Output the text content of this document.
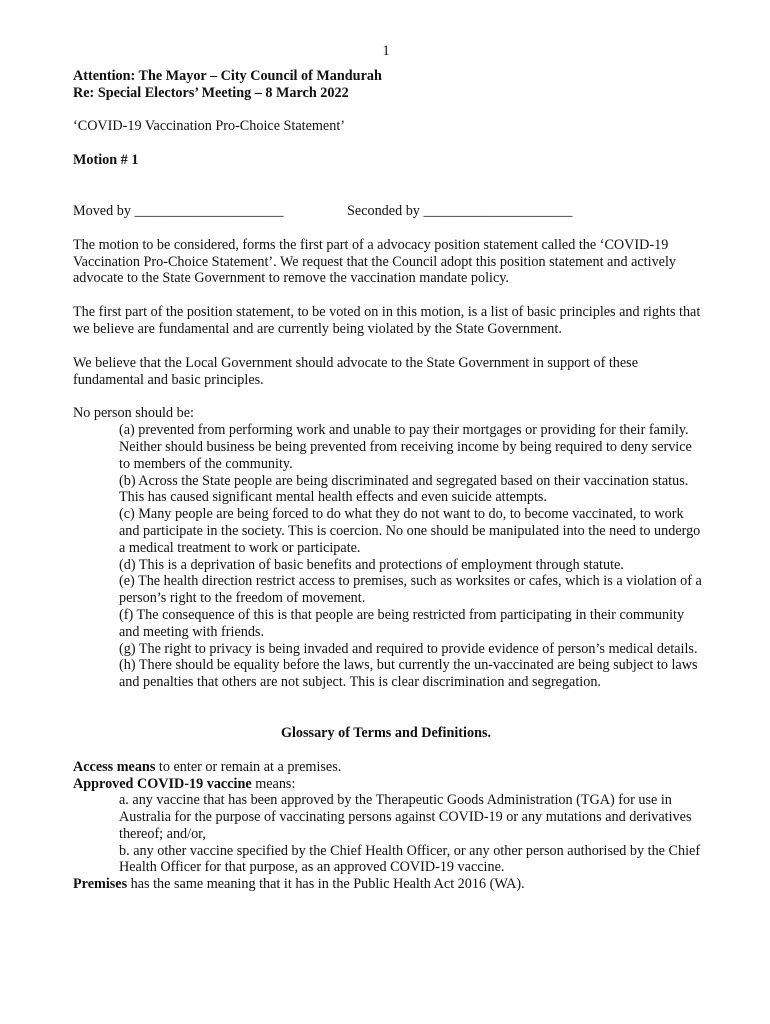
1

Attention: The Mayor – City Council of Mandurah

Re: Special Electors’ Meeting – 8 March 2022

‘COVID-19 Vaccination Pro-Choice Statement’

Motion # 1

Moved by _____________________	Seconded by _____________________

The motion to be considered, forms the first part of a advocacy position statement called the ‘COVID-19 Vaccination Pro-Choice Statement’. We request that the Council adopt this position statement and actively advocate to the State Government to remove the vaccination mandate policy.

The first part of the position statement, to be voted on in this motion, is a list of basic principles and rights that we believe are fundamental and are currently being violated by the State Government.

We believe that the Local Government should advocate to the State Government in support of these fundamental and basic principles.

No person should be:

(a) prevented from performing work and unable to pay their mortgages or providing for their family. Neither should business be being prevented from receiving income by being required to deny service to members of the community.

(b) Across the State people are being discriminated and segregated based on their vaccination status. This has caused significant mental health effects and even suicide attempts.

(c) Many people are being forced to do what they do not want to do, to become vaccinated, to work and participate in the society. This is coercion. No one should be manipulated into the need to undergo a medical treatment to work or participate.

(d) This is a deprivation of basic benefits and protections of employment through statute.

(e) The health direction restrict access to premises, such as worksites or cafes, which is a violation of a person’s right to the freedom of movement.

(f) The consequence of this is that people are being restricted from participating in their community and meeting with friends.

(g) The right to privacy is being invaded and required to provide evidence of person’s medical details.

(h) There should be equality before the laws, but currently the un-vaccinated are being subject to laws and penalties that others are not subject. This is clear discrimination and segregation.

Glossary of Terms and Definitions.

Access means to enter or remain at a premises.

Approved COVID-19 vaccine means:

a. any vaccine that has been approved by the Therapeutic Goods Administration (TGA) for use in Australia for the purpose of vaccinating persons against COVID-19 or any mutations and derivatives thereof; and/or,

b. any other vaccine specified by the Chief Health Officer, or any other person authorised by the Chief Health Officer for that purpose, as an approved COVID-19 vaccine.

Premises has the same meaning that it has in the Public Health Act 2016 (WA).
